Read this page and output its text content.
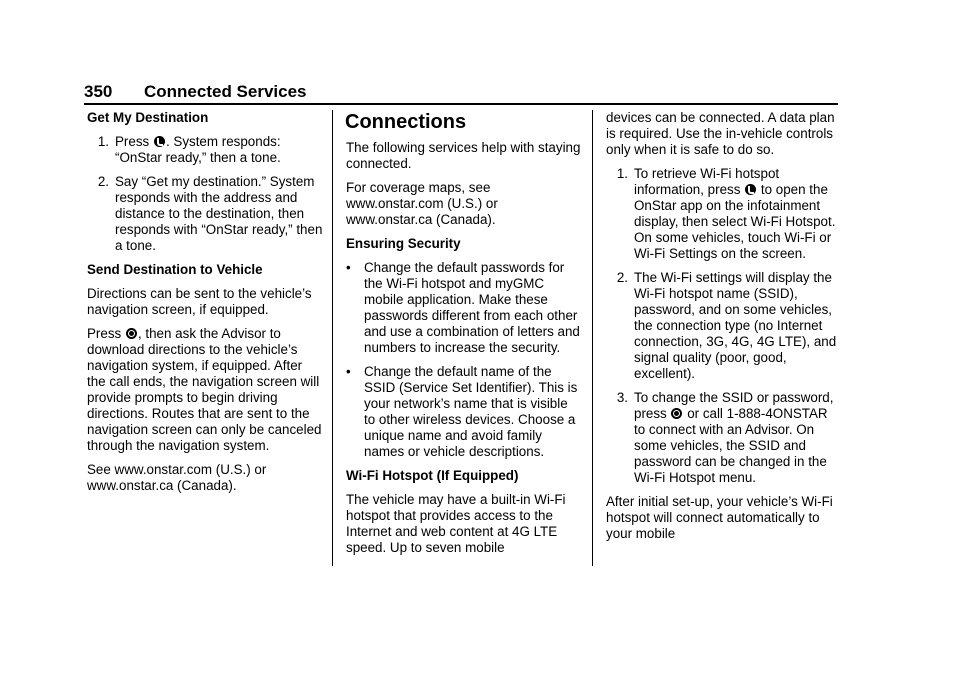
350 Connected Services

Get My Destination

1. Press . System responds: “OnStar ready,” then a tone.
2. Say “Get my destination.” System responds with the address and distance to the destination, then responds with “OnStar ready,” then a tone.

Send Destination to Vehicle

Directions can be sent to the vehicle’s navigation screen, if equipped.

Press , then ask the Advisor to download directions to the vehicle’s navigation system, if equipped. After the call ends, the navigation screen will provide prompts to begin driving directions. Routes that are sent to the navigation screen can only be canceled through the navigation system.

See www.onstar.com (U.S.) or www.onstar.ca (Canada).

Connections

The following services help with staying connected.

For coverage maps, see www.onstar.com (U.S.) or www.onstar.ca (Canada).

Ensuring Security

• Change the default passwords for the Wi-Fi hotspot and myGMC mobile application. Make these passwords different from each other and use a combination of letters and numbers to increase the security.
• Change the default name of the SSID (Service Set Identifier). This is your network’s name that is visible to other wireless devices. Choose a unique name and avoid family names or vehicle descriptions.

Wi-Fi Hotspot (If Equipped)

The vehicle may have a built-in Wi-Fi hotspot that provides access to the Internet and web content at 4G LTE speed. Up to seven mobile

devices can be connected. A data plan is required. Use the in-vehicle controls only when it is safe to do so.

1. To retrieve Wi-Fi hotspot information, press  to open the OnStar app on the infotainment display, then select Wi-Fi Hotspot. On some vehicles, touch Wi-Fi or Wi-Fi Settings on the screen.
2. The Wi-Fi settings will display the Wi-Fi hotspot name (SSID), password, and on some vehicles, the connection type (no Internet connection, 3G, 4G, 4G LTE), and signal quality (poor, good, excellent).
3. To change the SSID or password, press  or call 1-888-4ONSTAR to connect with an Advisor. On some vehicles, the SSID and password can be changed in the Wi-Fi Hotspot menu.

After initial set-up, your vehicle’s Wi-Fi hotspot will connect automatically to your mobile
